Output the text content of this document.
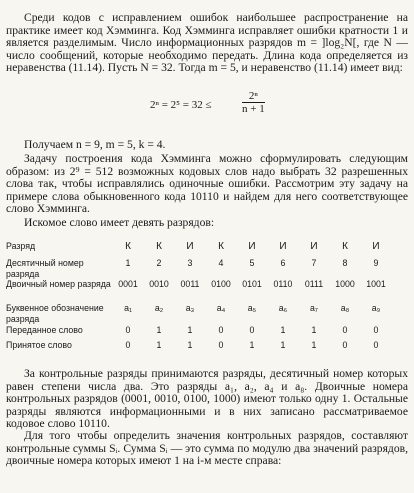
Среди кодов с исправлением ошибок наибольшее распространение на практике имеет код Хэмминга. Код Хэмминга исправляет ошибки кратности 1 и является разделимым. Число информационных разрядов m = ]log₂N[, где N — число сообщений, которые необходимо передать. Длина кода определяется из неравенства (11.14). Пусть N = 32. Тогда m = 5, и неравенство (11.14) имеет вид:
2ⁿ = 2⁵ = 32 ≤	$\frac{\text{2ⁿ}}{n + 1}$
Получаем n = 9, m = 5, k = 4.
Задачу построения кода Хэмминга можно сформулировать следующим образом: из 2⁹ = 512 возможных кодовых слов надо выбрать 32 разрешенных слова так, чтобы исправлялись одиночные ошибки. Рассмотрим эту задачу на примере слова обыкновенного кода 10110 и найдем для него соответствующее слово Хэмминга.
Искомое слово имеет девять разрядов:
Разряд	К	К	И	К	И	И	И	К	И
Десятичный номер разряда
1	2	3	4	5	6	7	8	9
Двоичный номер разряда 0001	0010	0011	0100	0101	0110	0111	1000	1001
Буквенное обозначение разряда
a₁	a₂	a₃	a₄	a₅	a₆	a₇	a₈	a₉
Переданное слово	0	1	1	0	0	1	1	0	0
Принятое слово	0	1	1	0	1	1	1	0	0
За контрольные разряды принимаются разряды, десятичный номер которых равен степени числа два. Это разряды a₁, a₂, a₄ и a₈. Двоичные номера контрольных разрядов (0001, 0010, 0100, 1000) имеют только одну 1. Остальные разряды являются информационными и в них записано рассматриваемое кодовое слово 10110.
Для того чтобы определить значения контрольных разрядов, составляют контрольные суммы Sᵢ. Сумма Sᵢ — это сумма по модулю два значений разрядов, двоичные номера которых имеют 1 на i-м месте справа:
